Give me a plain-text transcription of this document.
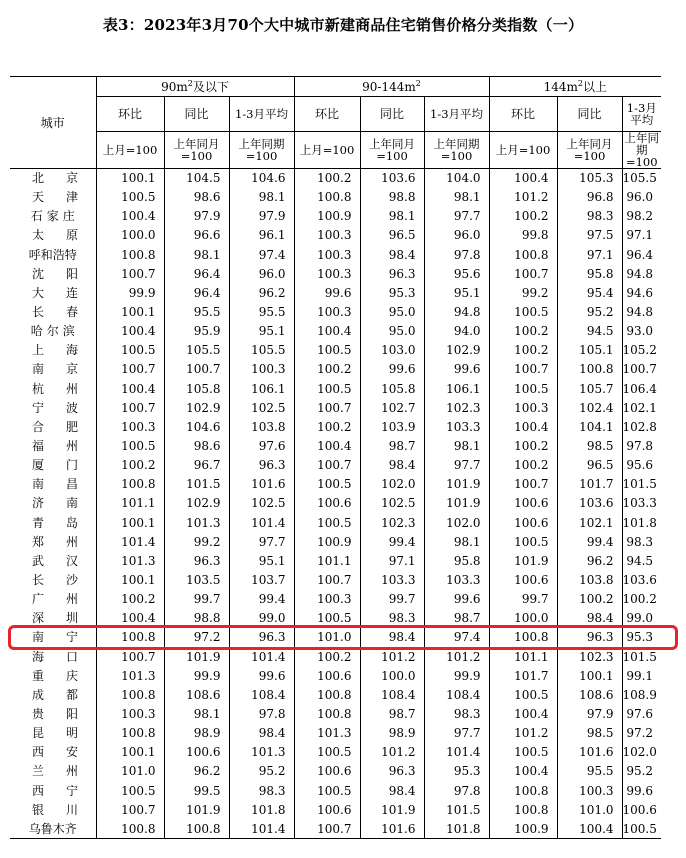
表3：2023年3月70个大中城市新建商品住宅销售价格分类指数（一）
城市	$90m^2$及以下			$90-144m^2$			$144m^2$以上		
	环比	同比	1-3月平均	环比	同比	1-3月平均	环比	同比	1-3月平均
	上月=100	上年同月=100	上年同期=100	上月=100	上年同月=100	上年同期=100	上月=100	上年同月=100	上年同期=100
北京	100.1	104.5	104.6	100.2	103.6	104.0	100.4	105.3	105.5
天津	100.5	98.6	98.1	100.8	98.8	98.1	101.2	96.8	96.0
石家庄	100.4	97.9	97.9	100.9	98.1	97.7	100.2	98.3	98.2
太原	100.0	96.6	96.1	100.3	96.5	96.0	99.8	97.5	97.1
呼和浩特	100.8	98.1	97.4	100.3	98.4	97.8	100.8	97.1	96.4
沈阳	100.7	96.4	96.0	100.3	96.3	95.6	100.7	95.8	94.8
大连	99.9	96.4	96.2	99.6	95.3	95.1	99.2	95.4	94.6
长春	100.1	95.5	95.5	100.3	95.0	94.8	100.5	95.2	94.8
哈尔滨	100.4	95.9	95.1	100.4	95.0	94.0	100.2	94.5	93.0
上海	100.5	105.5	105.5	100.5	103.0	102.9	100.2	105.1	105.2
南京	100.7	100.7	100.3	100.2	99.6	99.6	100.7	100.8	100.7
杭州	100.4	105.8	106.1	100.5	105.8	106.1	100.5	105.7	106.4
宁波	100.7	102.9	102.5	100.7	102.7	102.3	100.3	102.4	102.1
合肥	100.3	104.6	103.8	100.2	103.9	103.3	100.4	104.1	102.8
福州	100.5	98.6	97.6	100.4	98.7	98.1	100.2	98.5	97.8
厦门	100.2	96.7	96.3	100.7	98.4	97.7	100.2	96.5	95.6
南昌	100.8	101.5	101.6	100.5	102.0	101.9	100.7	101.7	101.5
济南	101.1	102.9	102.5	100.6	102.5	101.9	100.6	103.6	103.3
青岛	100.1	101.3	101.4	100.5	102.3	102.0	100.6	102.1	101.8
郑州	101.4	99.2	97.7	100.9	99.4	98.1	100.5	99.4	98.3
武汉	101.3	96.3	95.1	101.1	97.1	95.8	101.9	96.2	94.5
长沙	100.1	103.5	103.7	100.7	103.3	103.3	100.6	103.8	103.6
广州	100.2	99.7	99.4	100.3	99.7	99.6	99.7	100.2	100.2
深圳	100.4	98.8	99.0	100.5	98.3	98.7	100.0	98.4	99.0
南宁	100.8	97.2	96.3	101.0	98.4	97.4	100.8	96.3	95.3
海口	100.7	101.9	101.4	100.2	101.2	101.2	101.1	102.3	101.5
重庆	101.3	99.9	99.6	100.6	100.0	99.9	101.7	100.1	99.1
成都	100.8	108.6	108.4	100.8	108.4	108.4	100.5	108.6	108.9
贵阳	100.3	98.1	97.8	100.8	98.7	98.3	100.4	97.9	97.6
昆明	100.8	98.9	98.4	101.3	98.9	97.7	101.2	98.5	97.2
西安	100.1	100.6	101.3	100.5	101.2	101.4	100.5	101.6	102.0
兰州	101.0	96.2	95.2	100.6	96.3	95.3	100.4	95.5	95.2
西宁	100.5	99.5	98.3	100.5	98.4	97.8	100.8	100.3	99.6
银川	100.7	101.9	101.8	100.6	101.9	101.5	100.8	101.0	100.6
乌鲁木齐	100.8	100.8	101.4	100.7	101.6	101.8	100.9	100.4	100.5
